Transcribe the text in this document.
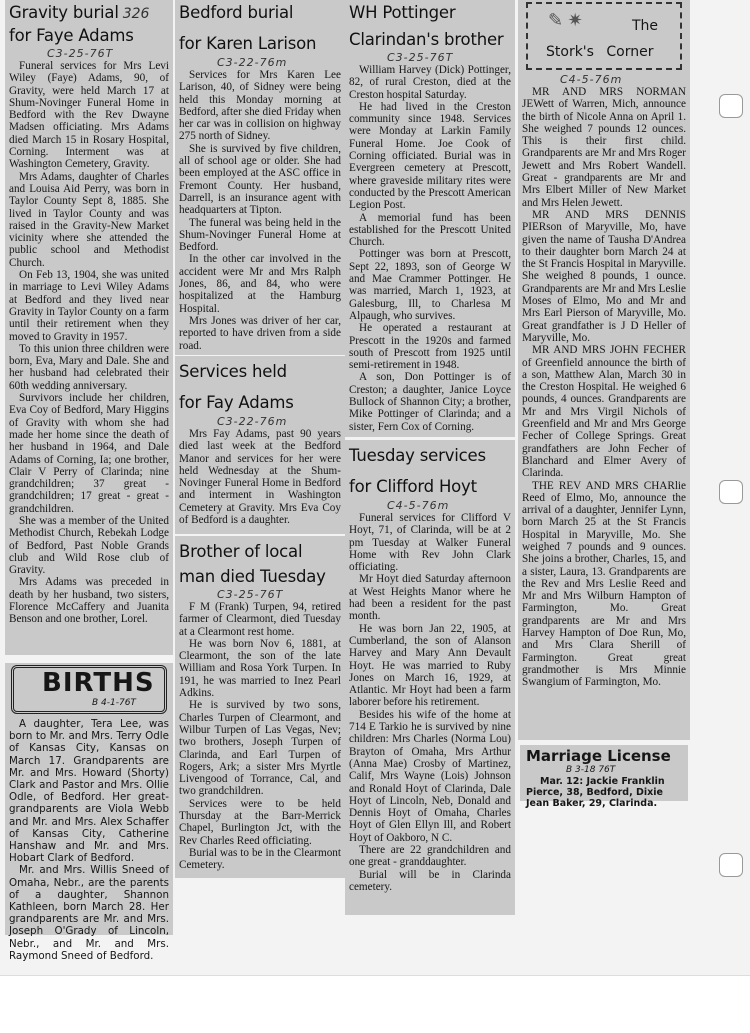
Gravity burial 326
for Faye Adams
C3-25-76T

Funeral services for Mrs Levi Wiley (Faye) Adams, 90, of Gravity, were held March 17 at Shum-Novinger Funeral Home in Bedford with the Rev Dwayne Madsen officiating. Mrs Adams died March 15 in Rosary Hospital, Corning. Interment was at Washington Cemetery, Gravity.

Mrs Adams, daughter of Charles and Louisa Aid Perry, was born in Taylor County Sept 8, 1885. She lived in Taylor County and was raised in the Gravity-New Market vicinity where she attended the public school and Methodist Church.

On Feb 13, 1904, she was united in marriage to Levi Wiley Adams at Bedford and they lived near Gravity in Taylor County on a farm until their retirement when they moved to Gravity in 1957.

To this union three children were born, Eva, Mary and Dale. She and her husband had celebrated their 60th wedding anniversary.

Survivors include her children, Eva Coy of Bedford, Mary Higgins of Gravity with whom she had made her home since the death of her husband in 1964, and Dale Adams of Corning, Ia; one brother, Clair V Perry of Clarinda; nine grandchildren; 37 great - grandchildren; 17 great - great - grandchildren.

She was a member of the United Methodist Church, Rebekah Lodge of Bedford, Past Noble Grands club and Wild Rose club of Gravity.

Mrs Adams was preceded in death by her husband, two sisters, Florence McCaffery and Juanita Benson and one brother, Lorel.

BIRTHS
B 4-1-76T

A daughter, Tera Lee, was born to Mr. and Mrs. Terry Odle of Kansas City, Kansas on March 17. Grandparents are Mr. and Mrs. Howard (Shorty) Clark and Pastor and Mrs. Ollie Odle, of Bedford. Her great-grandparents are Viola Webb and Mr. and Mrs. Alex Schaffer of Kansas City, Catherine Hanshaw and Mr. and Mrs. Hobart Clark of Bedford.

Mr. and Mrs. Willis Sneed of Omaha, Nebr., are the parents of a daughter, Shannon Kathleen, born March 28. Her grandparents are Mr. and Mrs. Joseph O'Grady of Lincoln, Nebr., and Mr. and Mrs. Raymond Sneed of Bedford.

Bedford burial
for Karen Larison
C3-22-76m

Services for Mrs Karen Lee Larison, 40, of Sidney were being held this Monday morning at Bedford, after she died Friday when her car was in collision on highway 275 north of Sidney.

She is survived by five children, all of school age or older. She had been employed at the ASC office in Fremont County. Her husband, Darrell, is an insurance agent with headquarters at Tipton.

The funeral was being held in the Shum-Novinger Funeral Home at Bedford.

In the other car involved in the accident were Mr and Mrs Ralph Jones, 86, and 84, who were hospitalized at the Hamburg Hospital.

Mrs Jones was driver of her car, reported to have driven from a side road.

Services held
for Fay Adams
C3-22-76m

Mrs Fay Adams, past 90 years died last week at the Bedford Manor and services for her were held Wednesday at the Shum-Novinger Funeral Home in Bedford and interment in Washington Cemetery at Gravity. Mrs Eva Coy of Bedford is a daughter.

Brother of local
man died Tuesday
C3-25-76T

F M (Frank) Turpen, 94, retired farmer of Clearmont, died Tuesday at a Clearmont rest home.

He was born Nov 6, 1881, at Clearmont, the son of the late William and Rosa York Turpen. In 191, he was married to Inez Pearl Adkins.

He is survived by two sons, Charles Turpen of Clearmont, and Wilbur Turpen of Las Vegas, Nev; two brothers, Joseph Turpen of Clarinda, and Earl Turpen of Rogers, Ark; a sister Mrs Myrtle Livengood of Torrance, Cal, and two grandchildren.

Services were to be held Thursday at the Barr-Merrick Chapel, Burlington Jct, with the Rev Charles Reed officiating.

Burial was to be in the Clearmont Cemetery.

WH Pottinger
Clarindan's brother
C3-25-76T

William Harvey (Dick) Pottinger, 82, of rural Creston, died at the Creston hospital Saturday.

He had lived in the Creston community since 1948. Services were Monday at Larkin Family Funeral Home. Joe Cook of Corning officiated. Burial was in Evergreen cemetery at Prescott, where graveside military rites were conducted by the Prescott American Legion Post.

A memorial fund has been established for the Prescott United Church.

Pottinger was born at Prescott, Sept 22, 1893, son of George W and Mae Crammer Pottinger. He was married, March 1, 1923, at Galesburg, Ill, to Charlesa M Alpaugh, who survives.

He operated a restaurant at Prescott in the 1920s and farmed south of Prescott from 1925 until semi-retirement in 1948.

A son, Don Pottinger is of Creston; a daughter, Janice Loyce Bullock of Shannon City; a brother, Mike Pottinger of Clarinda; and a sister, Fern Cox of Corning.

Tuesday services
for Clifford Hoyt
C4-5-76m

Funeral services for Clifford V Hoyt, 71, of Clarinda, will be at 2 pm Tuesday at Walker Funeral Home with Rev John Clark officiating.

Mr Hoyt died Saturday afternoon at West Heights Manor where he had been a resident for the past month.

He was born Jan 22, 1905, at Cumberland, the son of Alanson Harvey and Mary Ann Devault Hoyt. He was married to Ruby Jones on March 16, 1929, at Atlantic. Mr Hoyt had been a farm laborer before his retirement.

Besides his wife of the home at 714 E Tarkio he is survived by nine children: Mrs Charles (Norma Lou) Brayton of Omaha, Mrs Arthur (Anna Mae) Crosby of Martinez, Calif, Mrs Wayne (Lois) Johnson and Ronald Hoyt of Clarinda, Dale Hoyt of Lincoln, Neb, Donald and Dennis Hoyt of Omaha, Charles Hoyt of Glen Ellyn Ill, and Robert Hoyt of Oakboro, N C.

There are 22 grandchildren and one great - granddaughter.

Burial will be in Clarinda cemetery.

✎ ✷	The
Stork's Corner
C4-5-76m

MR AND MRS NORMAN JEWett of Warren, Mich, announce the birth of Nicole Anna on April 1. She weighed 7 pounds 12 ounces. This is their first child. Grandparents are Mr and Mrs Roger Jewett and Mrs Robert Wandell. Great - grandparents are Mr and Mrs Elbert Miller of New Market and Mrs Helen Jewett.

MR AND MRS DENNIS PIERson of Maryville, Mo, have given the name of Tausha D'Andrea to their daughter born March 24 at the St Francis Hospital in Maryville. She weighed 8 pounds, 1 ounce. Grandparents are Mr and Mrs Leslie Moses of Elmo, Mo and Mr and Mrs Earl Pierson of Maryville, Mo. Great grandfather is J D Heller of Maryville, Mo.

MR AND MRS JOHN FECHER of Greenfield announce the birth of a son, Matthew Alan, March 30 in the Creston Hospital. He weighed 6 pounds, 4 ounces. Grandparents are Mr and Mrs Virgil Nichols of Greenfield and Mr and Mrs George Fecher of College Springs. Great grandfathers are John Fecher of Blanchard and Elmer Avery of Clarinda.

THE REV AND MRS CHARlie Reed of Elmo, Mo, announce the arrival of a daughter, Jennifer Lynn, born March 25 at the St Francis Hospital in Maryville, Mo. She weighed 7 pounds and 9 ounces. She joins a brother, Charles, 15, and a sister, Laura, 13. Grandparents are the Rev and Mrs Leslie Reed and Mr and Mrs Wilburn Hampton of Farmington, Mo. Great grandparents are Mr and Mrs Harvey Hampton of Doe Run, Mo, and Mrs Clara Sherill of Farmington. Great great grandmother is Mrs Minnie Swangium of Farmington, Mo.

Marriage License
B 3-18 76T
Mar. 12: Jackie Franklin Pierce, 38, Bedford, Dixie Jean Baker, 29, Clarinda.
